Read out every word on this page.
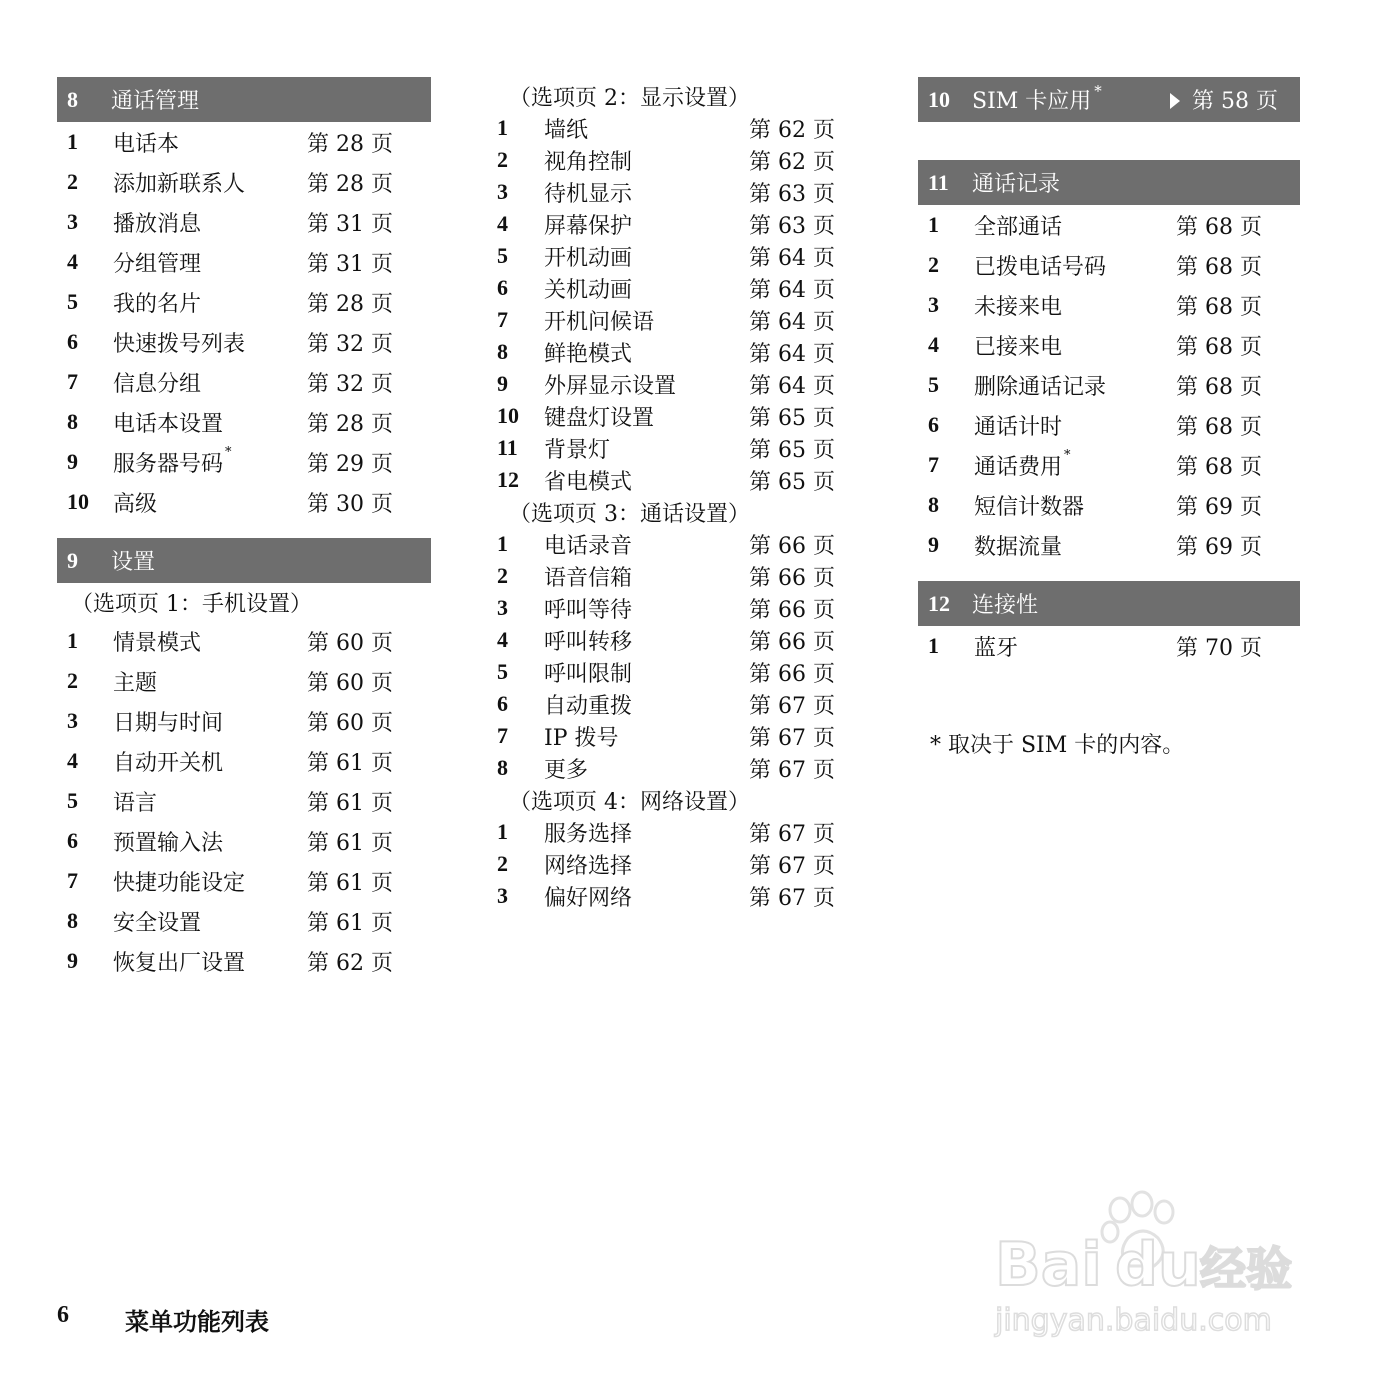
8	通话管理
1	电话本	第 28 页
2	添加新联系人	第 28 页
3	播放消息	第 31 页
4	分组管理	第 31 页
5	我的名片	第 28 页
6	快速拨号列表	第 32 页
7	信息分组	第 32 页
8	电话本设置	第 28 页
9	服务器号码 *	第 29 页
10	高级	第 30 页
9	设置
（选项页 1：手机设置）
1	情景模式	第 60 页
2	主题	第 60 页
3	日期与时间	第 60 页
4	自动开关机	第 61 页
5	语言	第 61 页
6	预置输入法	第 61 页
7	快捷功能设定	第 61 页
8	安全设置	第 61 页
9	恢复出厂设置	第 62 页
（选项页 2：显示设置）
1	墙纸	第 62 页
2	视角控制	第 62 页
3	待机显示	第 63 页
4	屏幕保护	第 63 页
5	开机动画	第 64 页
6	关机动画	第 64 页
7	开机问候语	第 64 页
8	鲜艳模式	第 64 页
9	外屏显示设置	第 64 页
10	键盘灯设置	第 65 页
11	背景灯	第 65 页
12	省电模式	第 65 页
（选项页 3：通话设置）
1	电话录音	第 66 页
2	语音信箱	第 66 页
3	呼叫等待	第 66 页
4	呼叫转移	第 66 页
5	呼叫限制	第 66 页
6	自动重拨	第 67 页
7	IP 拨号	第 67 页
8	更多	第 67 页
（选项页 4：网络设置）
1	服务选择	第 67 页
2	网络选择	第 67 页
3	偏好网络	第 67 页
10	SIM 卡应用 *	第 58 页
11	通话记录
1	全部通话	第 68 页
2	已拨电话号码	第 68 页
3	未接来电	第 68 页
4	已接来电	第 68 页
5	删除通话记录	第 68 页
6	通话计时	第 68 页
7	通话费用 *	第 68 页
8	短信计数器	第 69 页
9	数据流量	第 69 页
12	连接性
1	蓝牙	第 70 页
* 取决于 SIM 卡的内容。
6	菜单功能列表
Bai du 经验
jingyan.baidu.com
